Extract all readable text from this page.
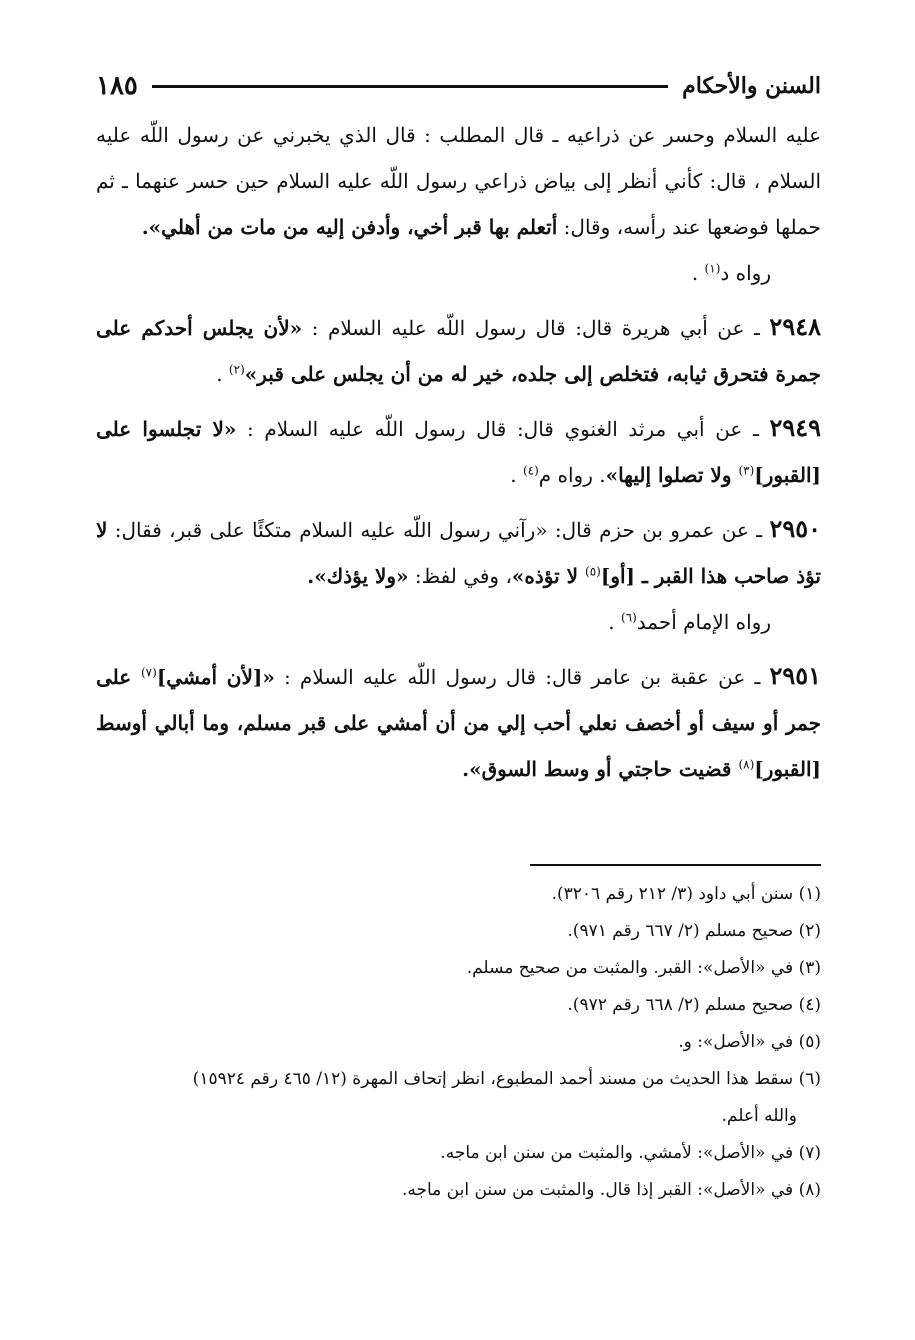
السنن والأحكام
١٨٥

عليه السلام وحسر عن ذراعيه ـ قال المطلب : قال الذي يخبرني عن رسول اللّه عليه السلام ، قال: كأني أنظر إلى بياض ذراعي رسول اللّه عليه السلام حين حسر عنهما ـ ثم حملها فوضعها عند رأسه، وقال: أتعلم بها قبر أخي، وأدفن إليه من مات من أهلي».

رواه د$^{(١)}$ .

٢٩٤٨ ـ عن أبي هريرة قال: قال رسول اللّه عليه السلام : «لأن يجلس أحدكم على جمرة فتحرق ثيابه، فتخلص إلى جلده، خير له من أن يجلس على قبر»$^{(٢)}$ .

٢٩٤٩ ـ عن أبي مرثد الغنوي قال: قال رسول اللّه عليه السلام : «لا تجلسوا على [القبور]$^{(٣)}$ ولا تصلوا إليها». رواه م$^{(٤)}$ .

٢٩٥٠ ـ عن عمرو بن حزم قال: «رآني رسول اللّه عليه السلام متكئًا على قبر، فقال: لا تؤذ صاحب هذا القبر ـ [أو]$^{(٥)}$ لا تؤذه»، وفي لفظ: «ولا يؤذك».

رواه الإمام أحمد$^{(٦)}$ .

٢٩٥١ ـ عن عقبة بن عامر قال: قال رسول اللّه عليه السلام : «[لأن أمشي]$^{(٧)}$ على جمر أو سيف أو أخصف نعلي أحب إلي من أن أمشي على قبر مسلم، وما أبالي أوسط [القبور]$^{(٨)}$ قضيت حاجتي أو وسط السوق».

(١) سنن أبي داود (٣/ ٢١٢ رقم ٣٢٠٦).

(٢) صحيح مسلم (٢/ ٦٦٧ رقم ٩٧١).

(٣) في «الأصل»: القبر. والمثبت من صحيح مسلم.

(٤) صحيح مسلم (٢/ ٦٦٨ رقم ٩٧٢).

(٥) في «الأصل»: و.

(٦) سقط هذا الحديث من مسند أحمد المطبوع، انظر إتحاف المهرة (١٢/ ٤٦٥ رقم ١٥٩٢٤)

والله أعلم.

(٧) في «الأصل»: لأمشي. والمثبت من سنن ابن ماجه.

(٨) في «الأصل»: القبر إذا قال. والمثبت من سنن ابن ماجه.
